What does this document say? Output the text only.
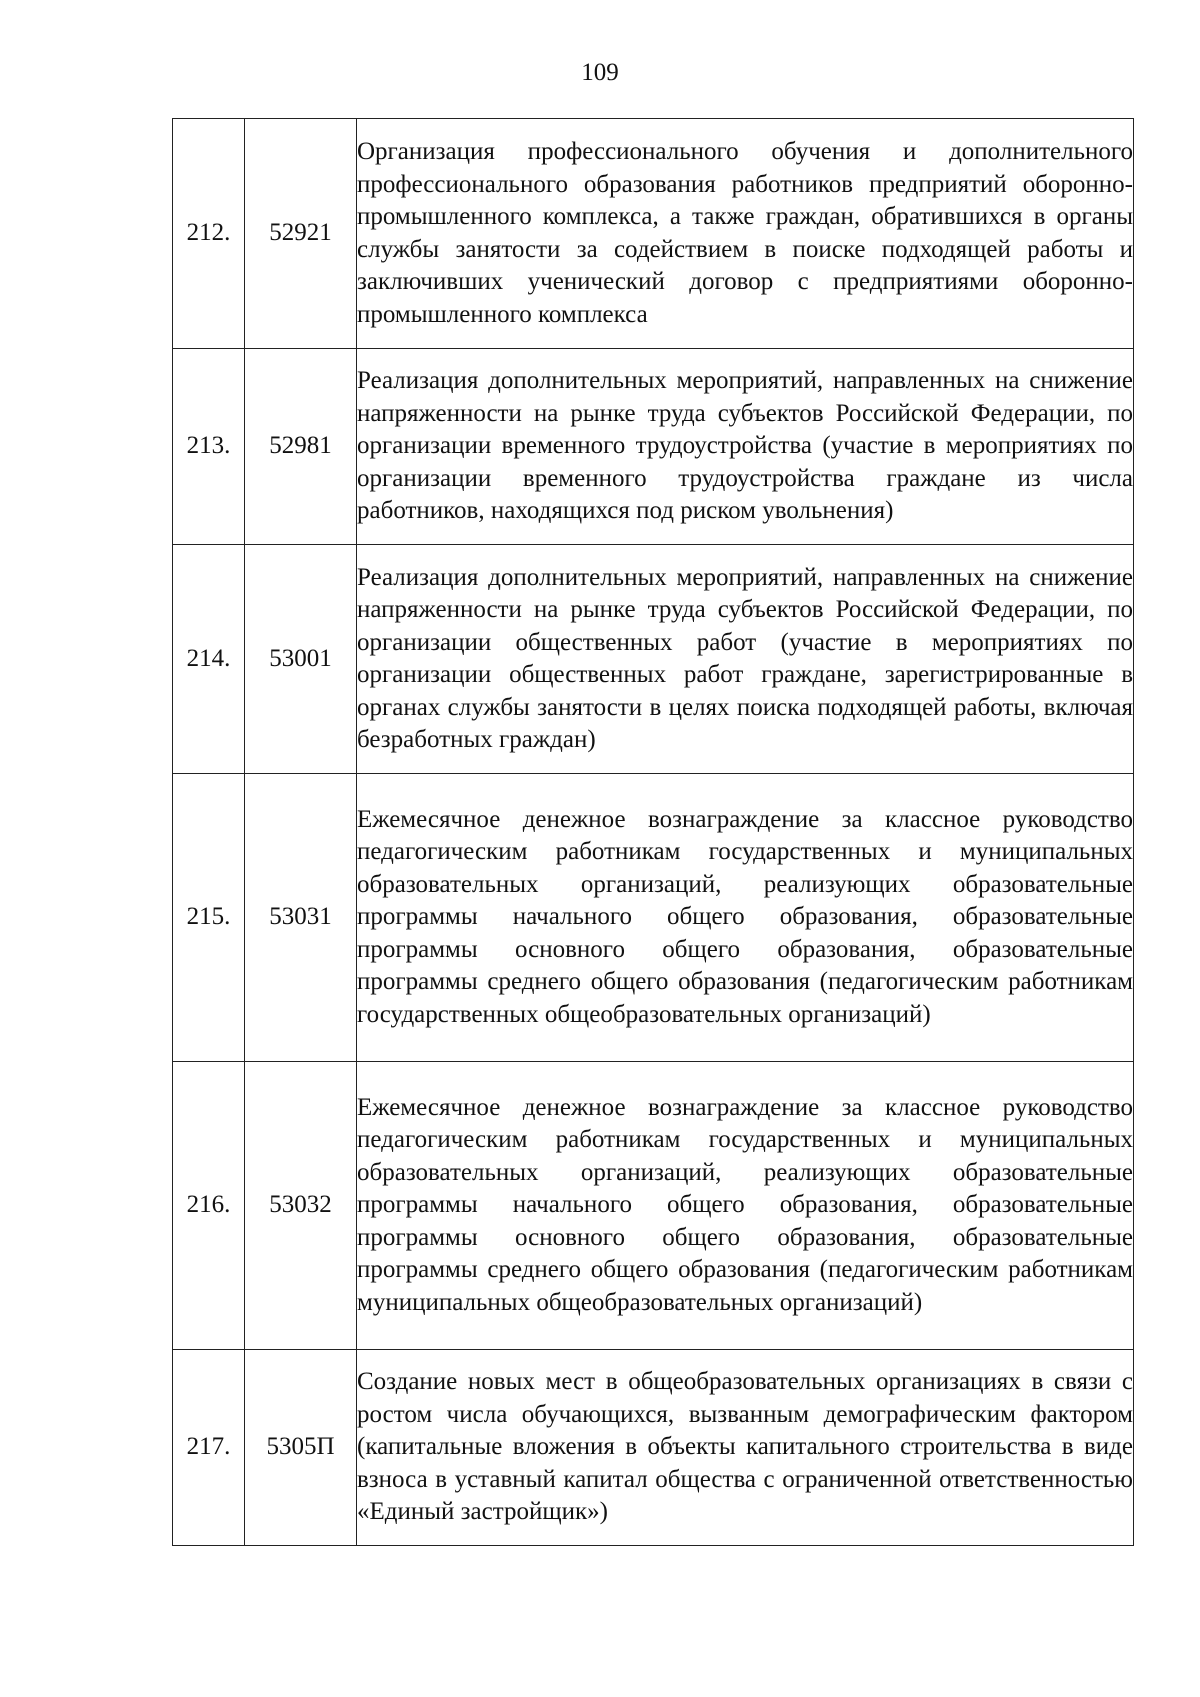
109
212.	52921	Организация профессионального обучения и дополнительного профессионального образования работников предприятий оборонно-промышленного комплекса, а также граждан, обратившихся в органы службы занятости за содействием в поиске подходящей работы и заключивших ученический договор с предприятиями оборонно-промышленного комплекса
213.	52981	Реализация дополнительных мероприятий, направленных на снижение напряженности на рынке труда субъектов Российской Федерации, по организации временного трудоустройства (участие в мероприятиях по организации временного трудоустройства граждане из числа работников, находящихся под риском увольнения)
214.	53001	Реализация дополнительных мероприятий, направленных на снижение напряженности на рынке труда субъектов Российской Федерации, по организации общественных работ (участие в мероприятиях по организации общественных работ граждане, зарегистрированные в органах службы занятости в целях поиска подходящей работы, включая безработных граждан)
215.	53031	Ежемесячное денежное вознаграждение за классное руководство педагогическим работникам государственных и муниципальных образовательных организаций, реализующих образовательные программы начального общего образования, образовательные программы основного общего образования, образовательные программы среднего общего образования (педагогическим работникам государственных общеобразовательных организаций)
216.	53032	Ежемесячное денежное вознаграждение за классное руководство педагогическим работникам государственных и муниципальных образовательных организаций, реализующих образовательные программы начального общего образования, образовательные программы основного общего образования, образовательные программы среднего общего образования (педагогическим работникам муниципальных общеобразовательных организаций)
217.	5305П	Создание новых мест в общеобразовательных организациях в связи с ростом числа обучающихся, вызванным демографическим фактором (капитальные вложения в объекты капитального строительства в виде взноса в уставный капитал общества с ограниченной ответственностью «Единый застройщик»)
